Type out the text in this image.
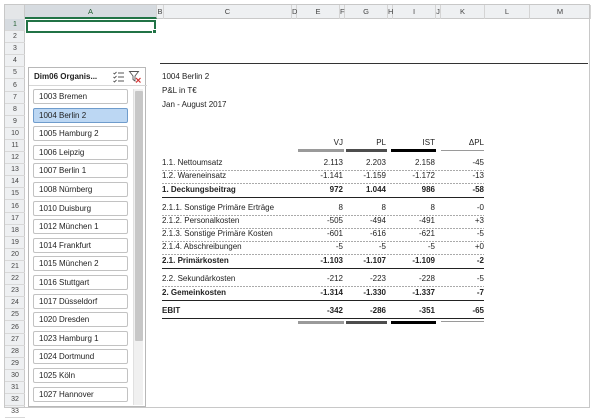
A	B	C	D	E	F	G	H	I	J	K	L	M
1
2
3
4
5
6
7
8
9
10
11
12
13
14
15
16
17
18
19
20
21
22
23
24
25
26
27
28
29
30
31
32
33
Dim06 Organis...
1003 Bremen
1004 Berlin 2
1005 Hamburg 2
1006 Leipzig
1007 Berlin 1
1008 Nürnberg
1010 Duisburg
1012 München 1
1014 Frankfurt
1015 München 2
1016 Stuttgart
1017 Düsseldorf
1020 Dresden
1023 Hamburg 1
1024 Dortmund
1025 Köln
1027 Hannover
1004 Berlin 2
P&L in T€
Jan - August 2017
VJ	PL	IST	ΔPL
1.1. Nettoumsatz	2.113	2.203	2.158	-45
1.2. Wareneinsatz	-1.141	-1.159	-1.172	-13
1. Deckungsbeitrag	972	1.044	986	-58
2.1.1. Sonstige Primäre Erträge	8	8	8	-0
2.1.2. Personalkosten	-505	-494	-491	+3
2.1.3. Sonstige Primäre Kosten	-601	-616	-621	-5
2.1.4. Abschreibungen	-5	-5	-5	+0
2.1. Primärkosten	-1.103	-1.107	-1.109	-2
2.2. Sekundärkosten	-212	-223	-228	-5
2. Gemeinkosten	-1.314	-1.330	-1.337	-7
EBIT	-342	-286	-351	-65
